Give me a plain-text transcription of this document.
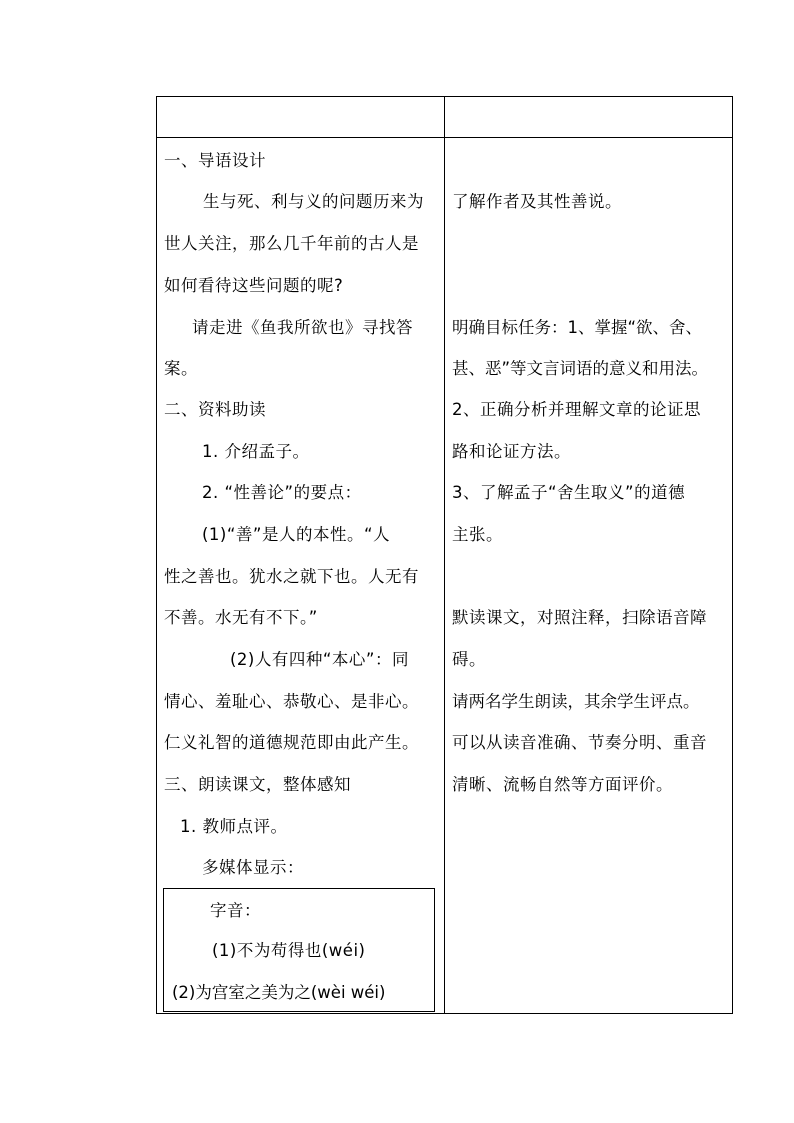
一、导语设计
生与死、利与义的问题历来为
世人关注，那么几千年前的古人是
如何看待这些问题的呢?
请走进《鱼我所欲也》寻找答
案。
二、资料助读
1. 介绍孟子。
2. “性善论”的要点：
(1)“善”是人的本性。“人
性之善也。犹水之就下也。人无有
不善。水无有不下。”
(2)人有四种“本心”：同
情心、羞耻心、恭敬心、是非心。
仁义礼智的道德规范即由此产生。
三、朗读课文，整体感知
1. 教师点评。
多媒体显示：
字音：
(1)不为苟得也(wéi)
(2)为宫室之美为之(wèi wéi)
了解作者及其性善说。
明确目标任务：1、掌握“欲、舍、
甚、恶”等文言词语的意义和用法。
2、正确分析并理解文章的论证思
路和论证方法。
3、了解孟子“舍生取义”的道德
主张。
默读课文，对照注释，扫除语音障
碍。
请两名学生朗读，其余学生评点。
可以从读音准确、节奏分明、重音
清晰、流畅自然等方面评价。
